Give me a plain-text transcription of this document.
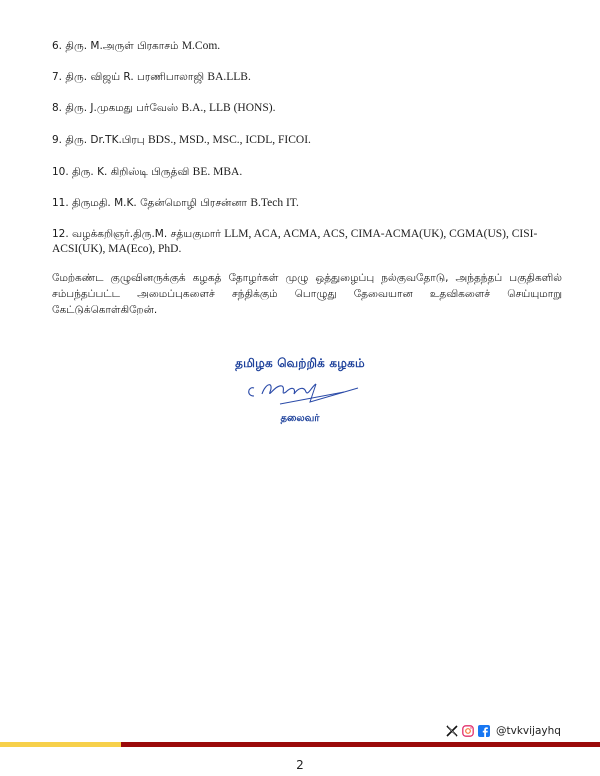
6. திரு. M.அருள் பிரகாசம் M.Com.
7. திரு. விஜய் R. பரணிபாலாஜி BA.LLB.
8. திரு. J.முகமது பர்வேஸ் B.A., LLB (HONS).
9. திரு. Dr.TK.பிரபு BDS., MSD., MSC., ICDL, FICOI.
10. திரு. K. கிறிஸ்டி பிருத்வி BE. MBA.
11. திருமதி. M.K. தேன்மொழி பிரசன்னா B.Tech IT.
12. வழக்கறிஞர்.திரு.M. சத்யகுமார் LLM, ACA, ACMA, ACS, CIMA-ACMA(UK), CGMA(US), CISI-ACSI(UK), MA(Eco), PhD.
மேற்கண்ட குழுவினருக்குக் கழகத் தோழர்கள் முழு ஒத்துழைப்பு நல்குவதோடு, அந்தந்தப் பகுதிகளில் சம்பந்தப்பட்ட அமைப்புகளைச் சந்திக்கும் பொழுது தேவையான உதவிகளைச் செய்யுமாறு கேட்டுக்கொள்கிறேன்.
தமிழக வெற்றிக் கழகம்
தலைவர்
@tvkvijayhq
2
